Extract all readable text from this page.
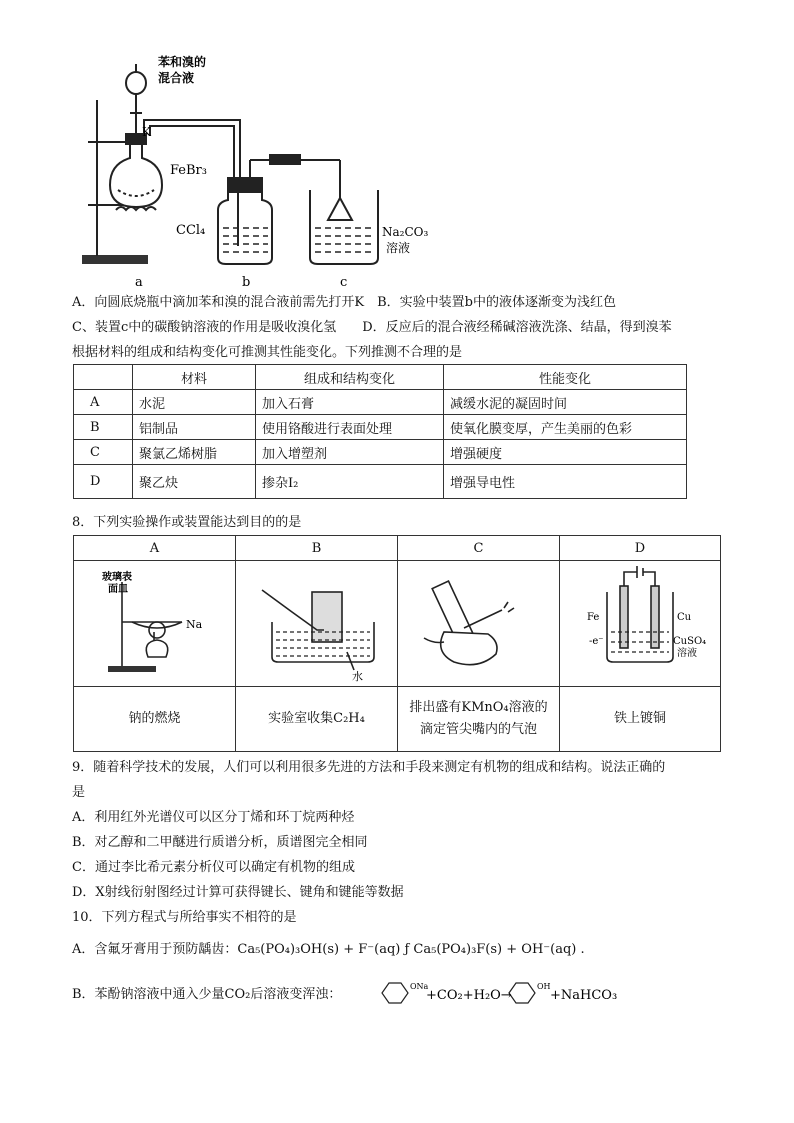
苯和溴的
混合液
K
FeBr₃
CCl₄	Na₂CO₃
溶液
a	b	c
A．向圆底烧瓶中滴加苯和溴的混合液前需先打开K　B．实验中装置b中的液体逐渐变为浅红色
C、装置c中的碳酸钠溶液的作用是吸收溴化氢　　D．反应后的混合液经稀碱溶液洗涤、结晶，得到溴苯
根据材料的组成和结构变化可推测其性能变化。下列推测不合理的是
	材料	组成和结构变化	性能变化
A	水泥	加入石膏	减缓水泥的凝固时间
B	铝制品	使用铬酸进行表面处理	使氧化膜变厚，产生美丽的色彩
C	聚氯乙烯树脂	加入增塑剂	增强硬度
D	聚乙炔	掺杂I₂	增强导电性
8．下列实验操作或装置能达到目的的是
A	B	C	D

玻璃表
面皿
Na	水		Fe Cu
-e⁻ CuSO₄
溶液

钠的燃烧	实验室收集C₂H₄	排出盛有KMnO₄溶液的滴定管尖嘴内的气泡	铁上镀铜
9．随着科学技术的发展，人们可以利用很多先进的方法和手段来测定有机物的组成和结构。说法正确的
是
A．利用红外光谱仪可以区分丁烯和环丁烷两种烃
B．对乙醇和二甲醚进行质谱分析，质谱图完全相同
C．通过李比希元素分析仪可以确定有机物的组成
D．X射线衍射图经过计算可获得键长、键角和键能等数据
10．下列方程式与所给事实不相符的是
A．含氟牙膏用于预防龋齿：Ca₅(PO₄)₃OH(s) + F⁻(aq) ƒ Ca₅(PO₄)₃F(s) + OH⁻(aq) .
B．苯酚钠溶液中通入少量CO₂后溶液变浑浊：
ONa
+CO₂+H₂O→
OH
+NaHCO₃
